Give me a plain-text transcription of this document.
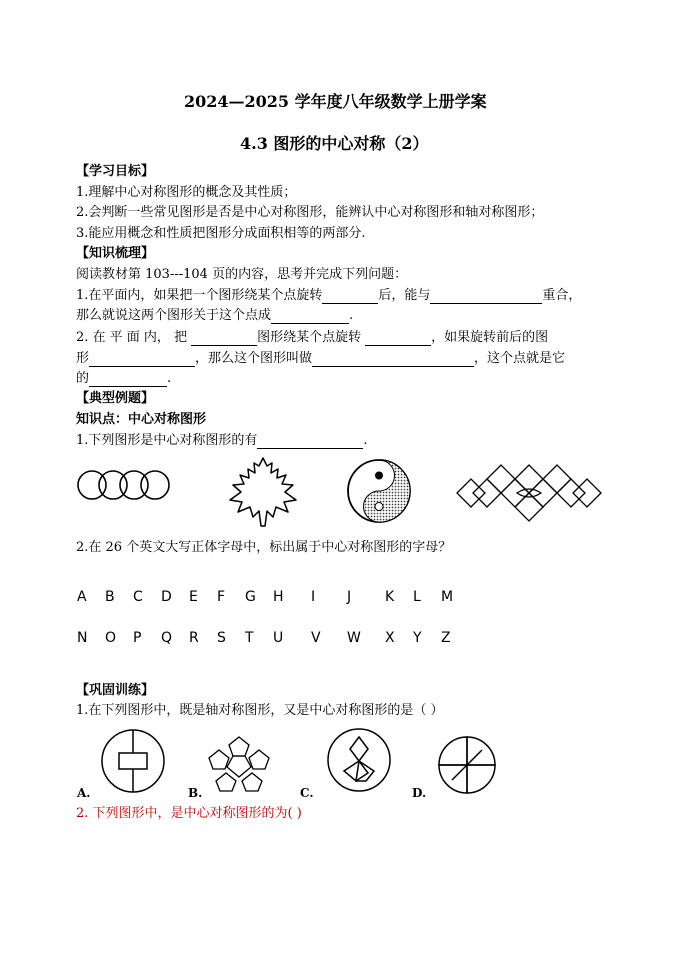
2024—2025 学年度八年级数学上册学案
4.3 图形的中心对称（2）
【学习目标】
1.理解中心对称图形的概念及其性质；
2.会判断一些常见图形是否是中心对称图形，能辨认中心对称图形和轴对称图形；
3.能应用概念和性质把图形分成面积相等的两部分.
【知识梳理】
阅读教材第 103---104 页的内容，思考并完成下列问题：
1.在平面内，如果把一个图形绕某个点旋转	后，能与	重合，
那么就说这两个图形关于这个点成	.
2. 在 平 面 内， 把	图形绕某个点旋转	，如果旋转前后的图
形	，那么这个图形叫做	，这个点就是它
的	.
【典型例题】
知识点：中心对称图形
1.下列图形是中心对称图形的有	.
2.在 26 个英文大写正体字母中，标出属于中心对称图形的字母？
A B C D E F G H I J K L M
N O P Q R S T U V W X Y Z
【巩固训练】
1.在下列图形中，既是轴对称图形，又是中心对称图形的是（ ）
A.	B.	C.	D.
2. 下列图形中，是中心对称图形的为( )
